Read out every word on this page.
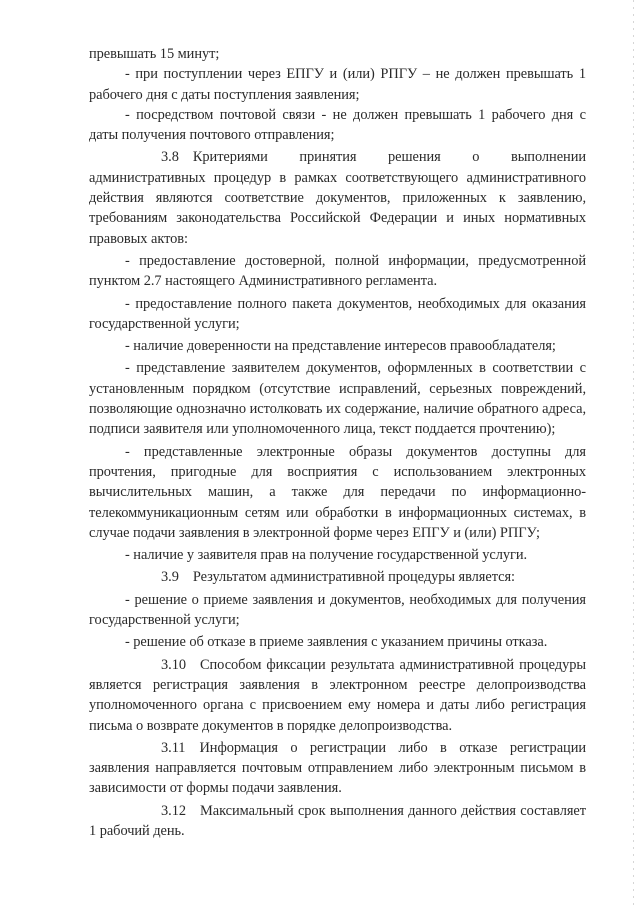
превышать 15 минут;

- при поступлении через ЕПГУ и (или) РПГУ – не должен превышать 1 рабочего дня с даты поступления заявления;

- посредством почтовой связи - не должен превышать 1 рабочего дня с даты получения почтового отправления;

3.8 Критериями принятия решения о выполнении административных процедур в рамках соответствующего административного действия являются соответствие документов, приложенных к заявлению, требованиям законодательства Российской Федерации и иных нормативных правовых актов:

- предоставление достоверной, полной информации, предусмотренной пунктом 2.7 настоящего Административного регламента.

- предоставление полного пакета документов, необходимых для оказания государственной услуги;

- наличие доверенности на представление интересов правообладателя;

- представление заявителем документов, оформленных в соответствии с установленным порядком (отсутствие исправлений, серьезных повреждений, позволяющие однозначно истолковать их содержание, наличие обратного адреса, подписи заявителя или уполномоченного лица, текст поддается прочтению);

- представленные электронные образы документов доступны для прочтения, пригодные для восприятия с использованием электронных вычислительных машин, а также для передачи по информационно-телекоммуникационным сетям или обработки в информационных системах, в случае подачи заявления в электронной форме через ЕПГУ и (или) РПГУ;

- наличие у заявителя прав на получение государственной услуги.

3.9 Результатом административной процедуры является:

- решение о приеме заявления и документов, необходимых для получения государственной услуги;

- решение об отказе в приеме заявления с указанием причины отказа.

3.10 Способом фиксации результата административной процедуры является регистрация заявления в электронном реестре делопроизводства уполномоченного органа с присвоением ему номера и даты либо регистрация письма о возврате документов в порядке делопроизводства.

3.11 Информация о регистрации либо в отказе регистрации заявления направляется почтовым отправлением либо электронным письмом в зависимости от формы подачи заявления.

3.12 Максимальный срок выполнения данного действия составляет 1 рабочий день.
